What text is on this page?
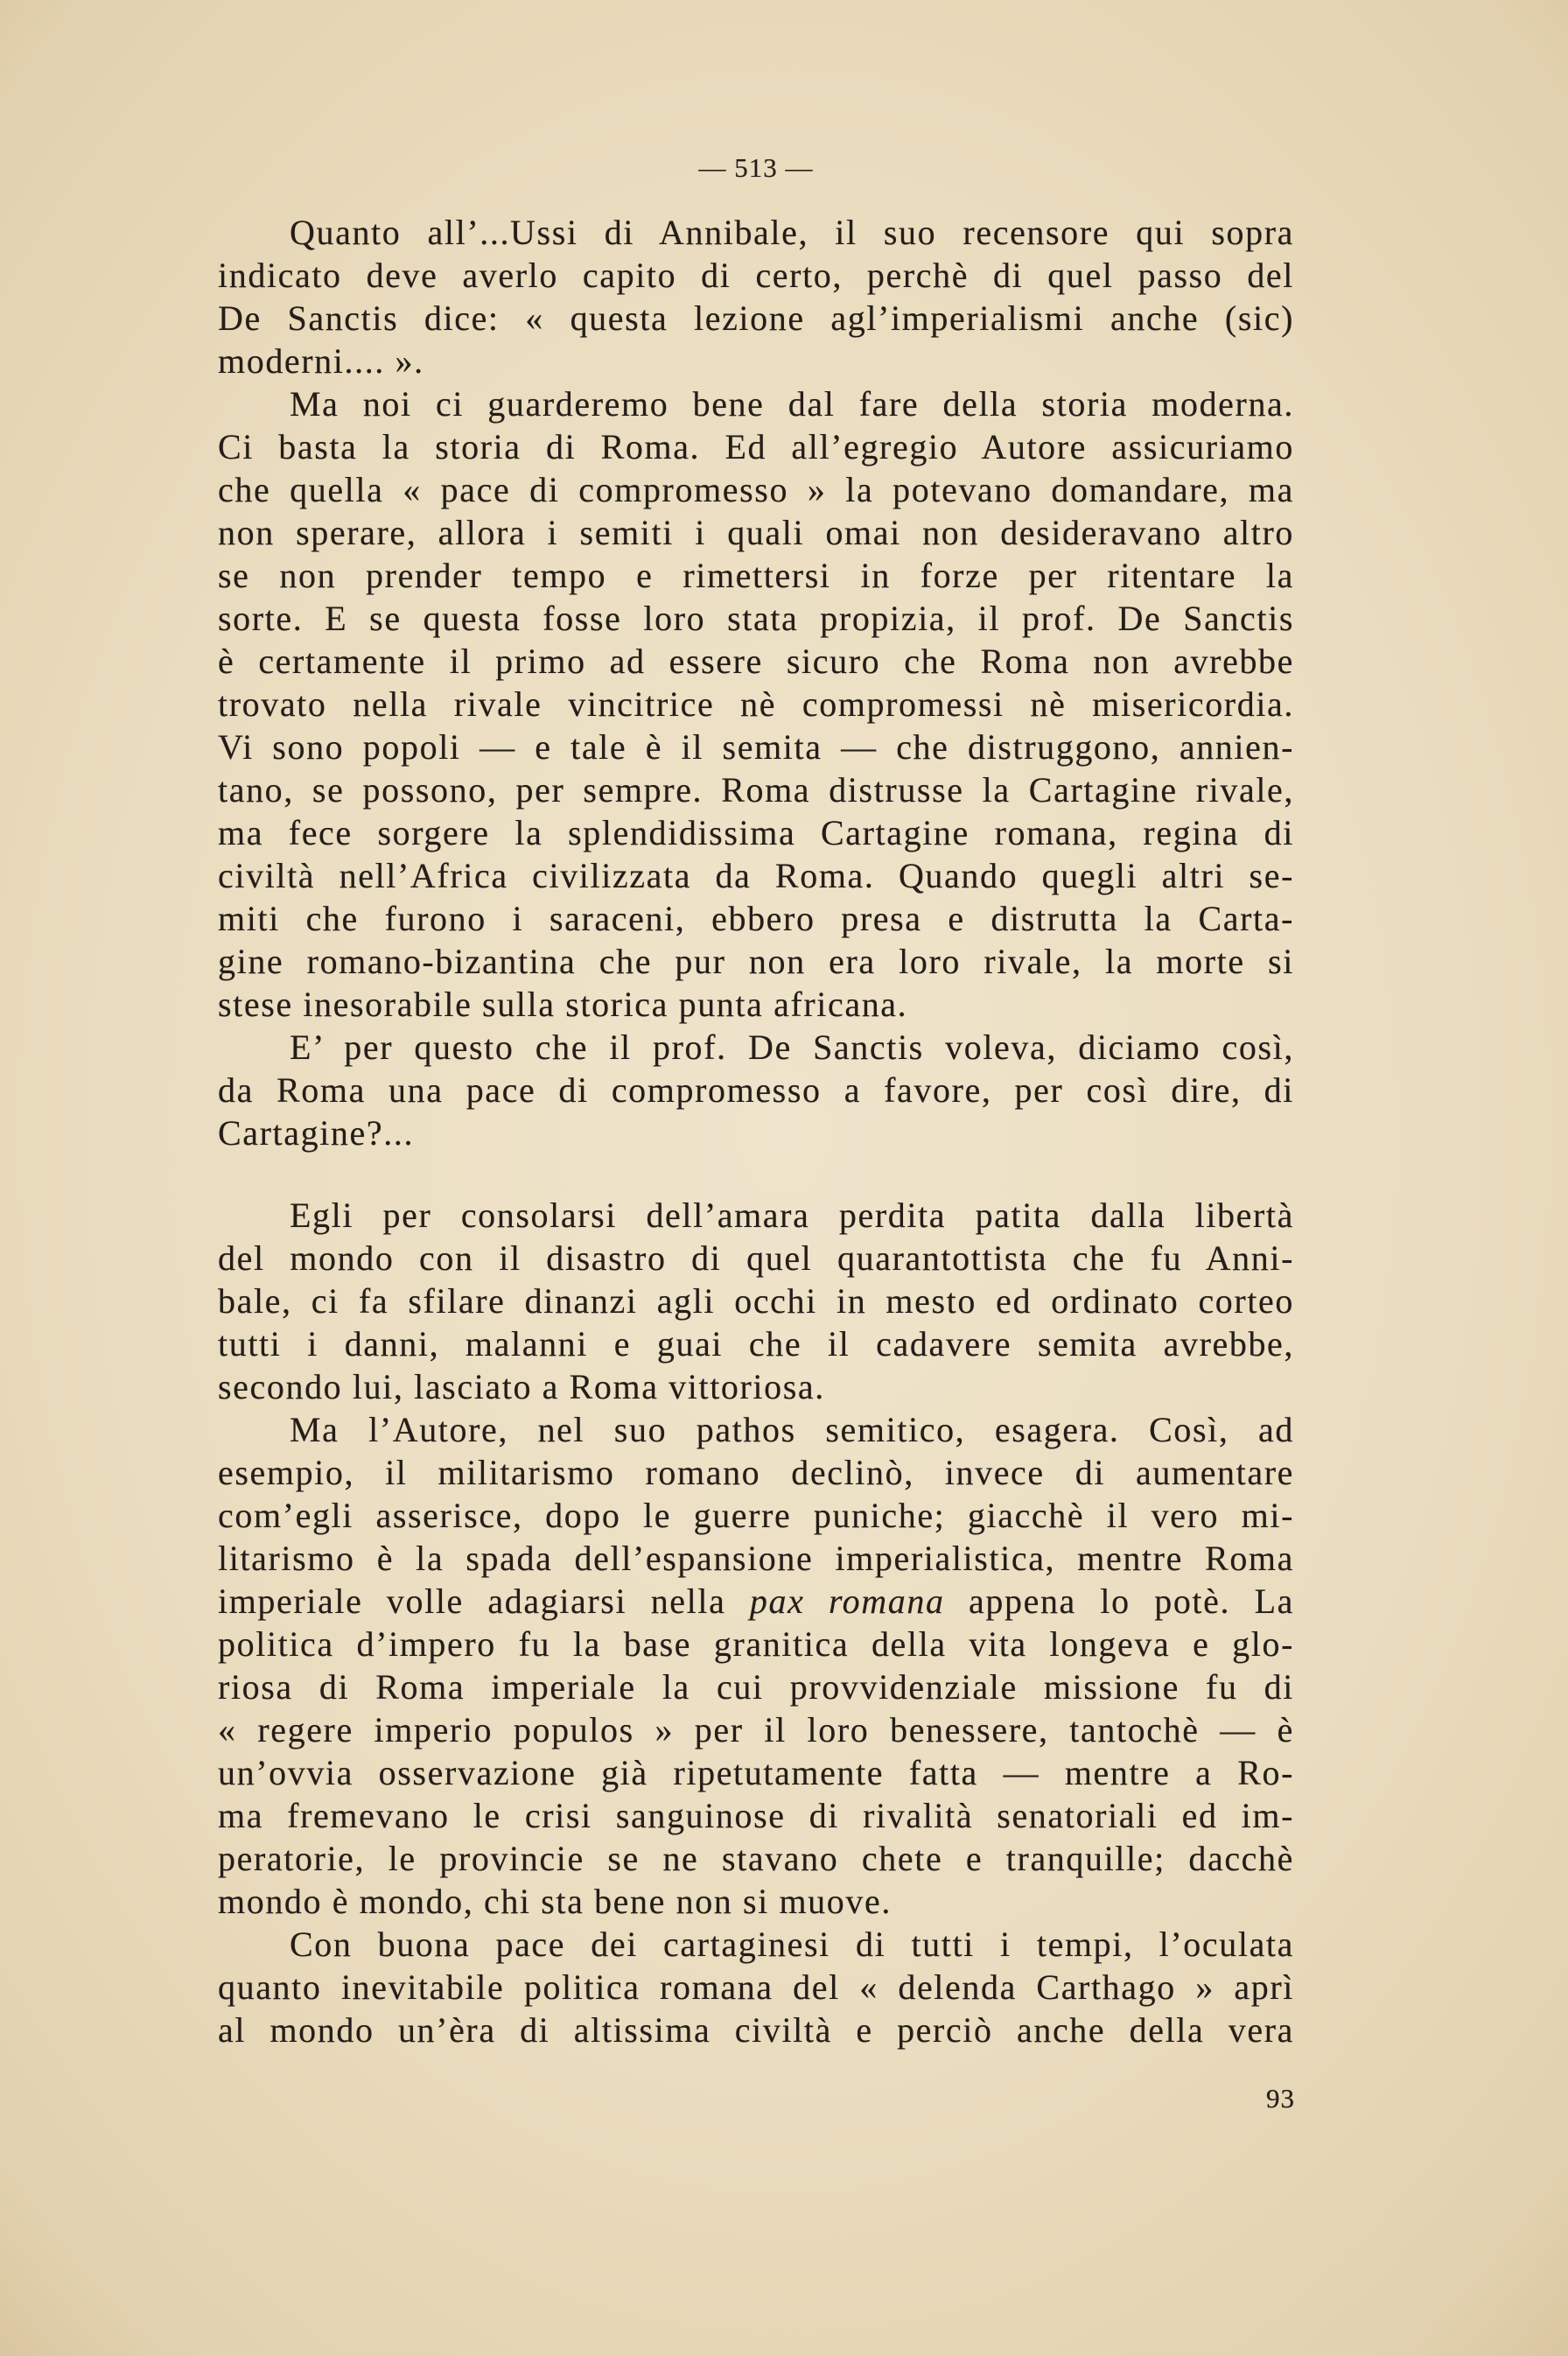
— 513 —
Quanto all’...Ussi di Annibale, il suo recensore qui sopra
indicato deve averlo capito di certo, perchè di quel passo del
De Sanctis dice: « questa lezione agl’imperialismi anche (sic)
moderni.... ».
Ma noi ci guarderemo bene dal fare della storia moderna.
Ci basta la storia di Roma. Ed all’egregio Autore assicuriamo
che quella « pace di compromesso » la potevano domandare, ma
non sperare, allora i semiti i quali omai non desideravano altro
se non prender tempo e rimettersi in forze per ritentare la
sorte. E se questa fosse loro stata propizia, il prof. De Sanctis
è certamente il primo ad essere sicuro che Roma non avrebbe
trovato nella rivale vincitrice nè compromessi nè misericordia.
Vi sono popoli — e tale è il semita — che distruggono, annien-
tano, se possono, per sempre. Roma distrusse la Cartagine rivale,
ma fece sorgere la splendidissima Cartagine romana, regina di
civiltà nell’Africa civilizzata da Roma. Quando quegli altri se-
miti che furono i saraceni, ebbero presa e distrutta la Carta-
gine romano-bizantina che pur non era loro rivale, la morte si
stese inesorabile sulla storica punta africana.
E’ per questo che il prof. De Sanctis voleva, diciamo così,
da Roma una pace di compromesso a favore, per così dire, di
Cartagine?...
Egli per consolarsi dell’amara perdita patita dalla libertà
del mondo con il disastro di quel quarantottista che fu Anni-
bale, ci fa sfilare dinanzi agli occhi in mesto ed ordinato corteo
tutti i danni, malanni e guai che il cadavere semita avrebbe,
secondo lui, lasciato a Roma vittoriosa.
Ma l’Autore, nel suo pathos semitico, esagera. Così, ad
esempio, il militarismo romano declinò, invece di aumentare
com’egli asserisce, dopo le guerre puniche; giacchè il vero mi-
litarismo è la spada dell’espansione imperialistica, mentre Roma
imperiale volle adagiarsi nella pax romana appena lo potè. La
politica d’impero fu la base granitica della vita longeva e glo-
riosa di Roma imperiale la cui provvidenziale missione fu di
« regere imperio populos » per il loro benessere, tantochè — è
un’ovvia osservazione già ripetutamente fatta — mentre a Ro-
ma fremevano le crisi sanguinose di rivalità senatoriali ed im-
peratorie, le provincie se ne stavano chete e tranquille; dacchè
mondo è mondo, chi sta bene non si muove.
Con buona pace dei cartaginesi di tutti i tempi, l’oculata
quanto inevitabile politica romana del « delenda Carthago » aprì
al mondo un’èra di altissima civiltà e perciò anche della vera
93
